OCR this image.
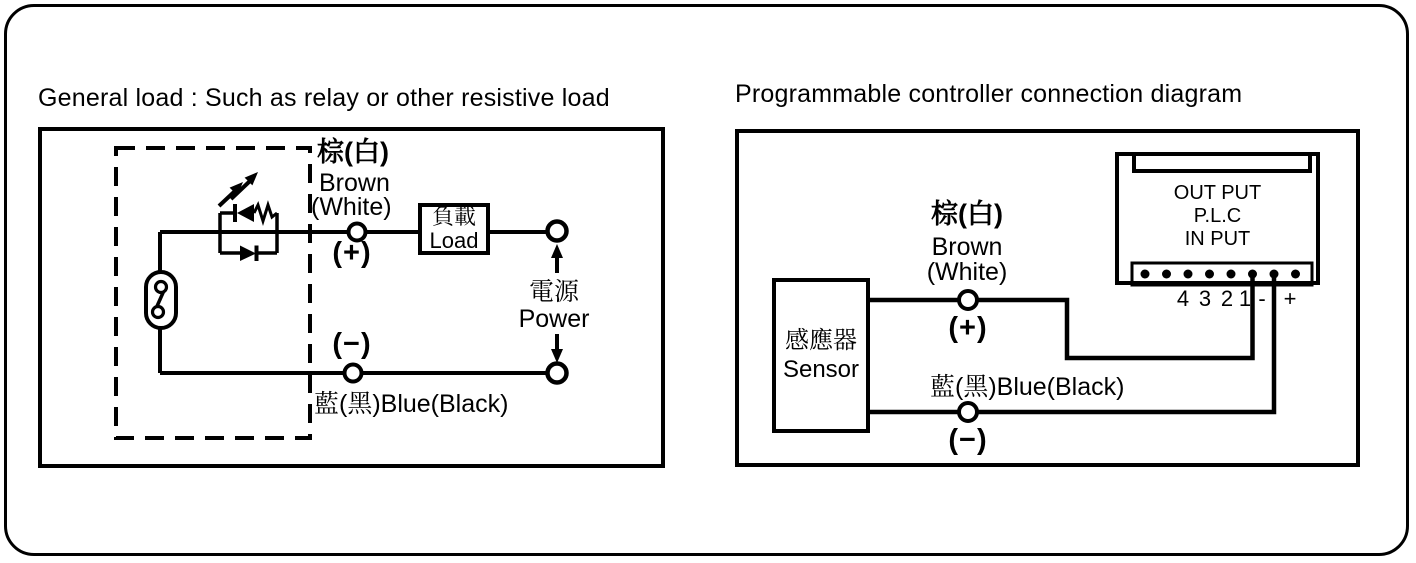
General load : Such as relay or other resistive load
棕(白)
Brown
(White)
(+)
(−)
負載
Load
電源
Power
藍(黑)Blue(Black)
Programmable controller connection diagram
感應器
Sensor
OUT PUT
P.L.C
IN PUT
4 3 2 1 - +
棕(白)
Brown
(White)
(+)
藍(黑)Blue(Black)
(−)
